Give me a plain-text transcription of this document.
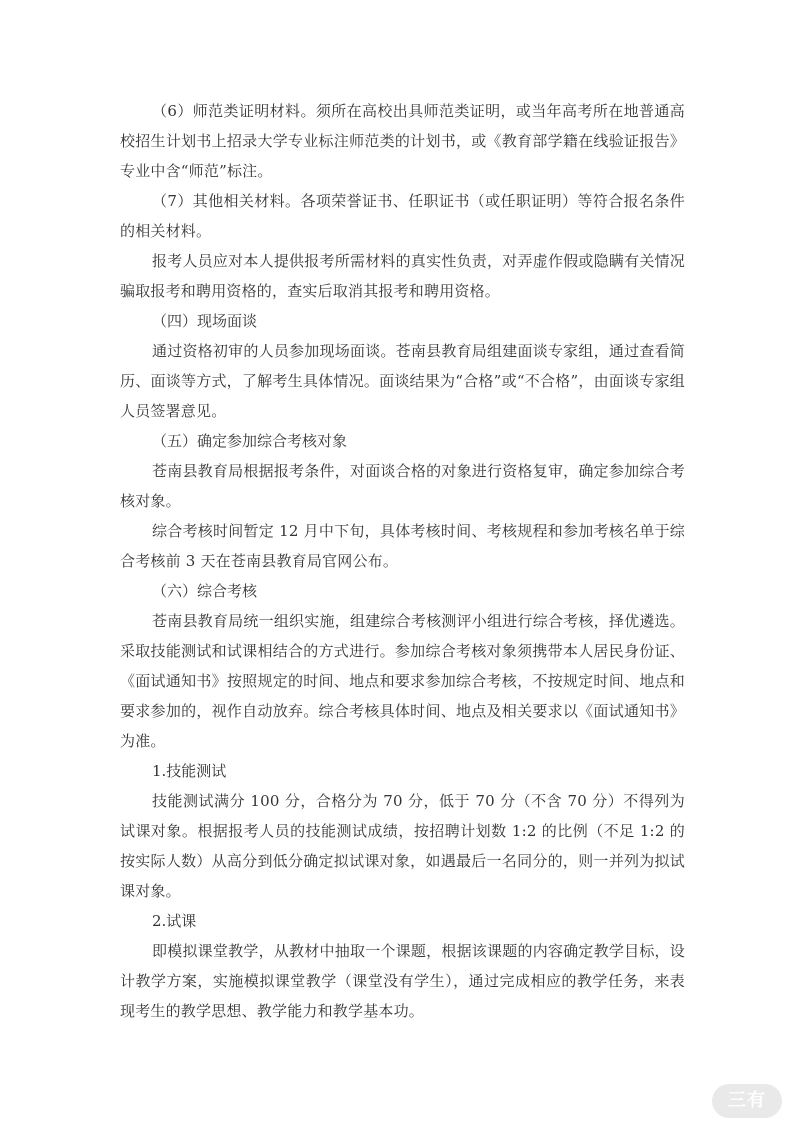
（6）师范类证明材料。须所在高校出具师范类证明，或当年高考所在地普通高校招生计划书上招录大学专业标注师范类的计划书，或《教育部学籍在线验证报告》专业中含“师范”标注。

（7）其他相关材料。各项荣誉证书、任职证书（或任职证明）等符合报名条件的相关材料。

报考人员应对本人提供报考所需材料的真实性负责，对弄虚作假或隐瞒有关情况骗取报考和聘用资格的，查实后取消其报考和聘用资格。

（四）现场面谈

通过资格初审的人员参加现场面谈。苍南县教育局组建面谈专家组，通过查看简历、面谈等方式，了解考生具体情况。面谈结果为“合格”或“不合格”，由面谈专家组人员签署意见。

（五）确定参加综合考核对象

苍南县教育局根据报考条件，对面谈合格的对象进行资格复审，确定参加综合考核对象。

综合考核时间暂定 12 月中下旬，具体考核时间、考核规程和参加考核名单于综合考核前 3 天在苍南县教育局官网公布。

（六）综合考核

苍南县教育局统一组织实施，组建综合考核测评小组进行综合考核，择优遴选。采取技能测试和试课相结合的方式进行。参加综合考核对象须携带本人居民身份证、《面试通知书》按照规定的时间、地点和要求参加综合考核，不按规定时间、地点和要求参加的，视作自动放弃。综合考核具体时间、地点及相关要求以《面试通知书》为准。

1.技能测试

技能测试满分 100 分，合格分为 70 分，低于 70 分（不含 70 分）不得列为试课对象。根据报考人员的技能测试成绩，按招聘计划数 1:2 的比例（不足 1:2 的按实际人数）从高分到低分确定拟试课对象，如遇最后一名同分的，则一并列为拟试课对象。

2.试课

即模拟课堂教学，从教材中抽取一个课题，根据该课题的内容确定教学目标，设计教学方案，实施模拟课堂教学（课堂没有学生），通过完成相应的教学任务，来表现考生的教学思想、教学能力和教学基本功。

三有
